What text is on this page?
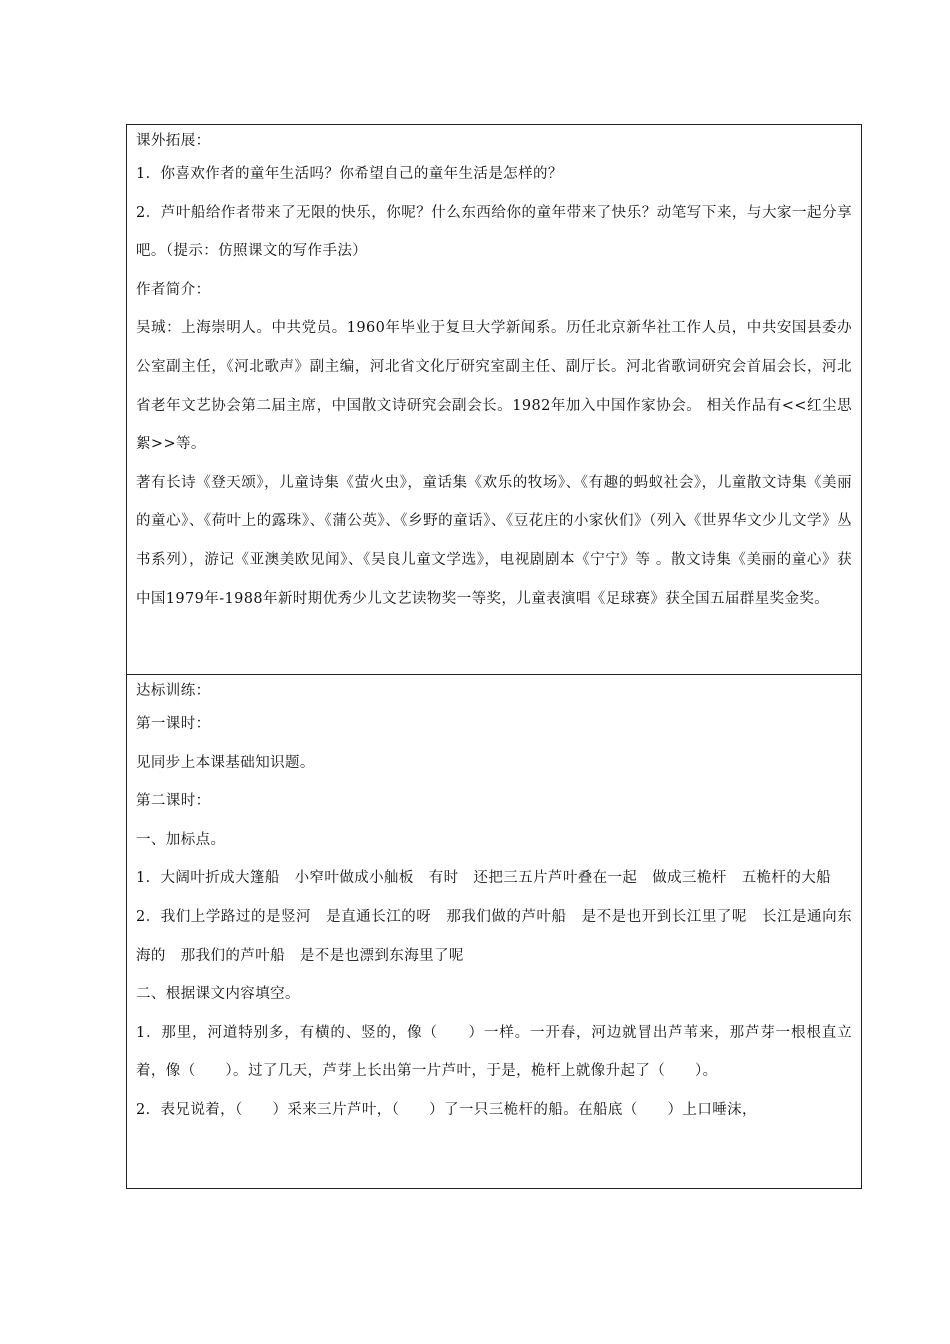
课外拓展：
1．你喜欢作者的童年生活吗？你希望自己的童年生活是怎样的？
2．芦叶船给作者带来了无限的快乐，你呢？什么东西给你的童年带来了快乐？动笔写下来，与大家一起分享吧。（提示：仿照课文的写作手法）
作者简介：
吴珹：上海崇明人。中共党员。1960年毕业于复旦大学新闻系。历任北京新华社工作人员，中共安国县委办公室副主任，《河北歌声》副主编，河北省文化厅研究室副主任、副厅长。河北省歌词研究会首届会长，河北省老年文艺协会第二届主席，中国散文诗研究会副会长。1982年加入中国作家协会。 相关作品有<<红尘思絮>>等。
著有长诗《登天颂》，儿童诗集《萤火虫》，童话集《欢乐的牧场》、《有趣的蚂蚁社会》，儿童散文诗集《美丽的童心》、《荷叶上的露珠》、《蒲公英》、《乡野的童话》、《豆花庄的小家伙们》（列入《世界华文少儿文学》丛书系列），游记《亚澳美欧见闻》、《吴良儿童文学选》，电视剧剧本《宁宁》等 。散文诗集《美丽的童心》获中国1979年-1988年新时期优秀少儿文艺读物奖一等奖，儿童表演唱《足球赛》获全国五届群星奖金奖。
达标训练：
第一课时：
见同步上本课基础知识题。
第二课时：
一、加标点。
1．大阔叶折成大篷船　小窄叶做成小舢板　有时　还把三五片芦叶叠在一起　做成三桅杆　五桅杆的大船
2．我们上学路过的是竖河　是直通长江的呀　那我们做的芦叶船　是不是也开到长江里了呢　长江是通向东海的　那我们的芦叶船　是不是也漂到东海里了呢
二、根据课文内容填空。
1．那里，河道特别多，有横的、竖的，像（　　）一样。一开春，河边就冒出芦苇来，那芦芽一根根直立着，像（　　）。过了几天，芦芽上长出第一片芦叶，于是，桅杆上就像升起了（　　）。
2．表兄说着，（　　）采来三片芦叶，（　　）了一只三桅杆的船。在船底（　　）上口唾沫，
